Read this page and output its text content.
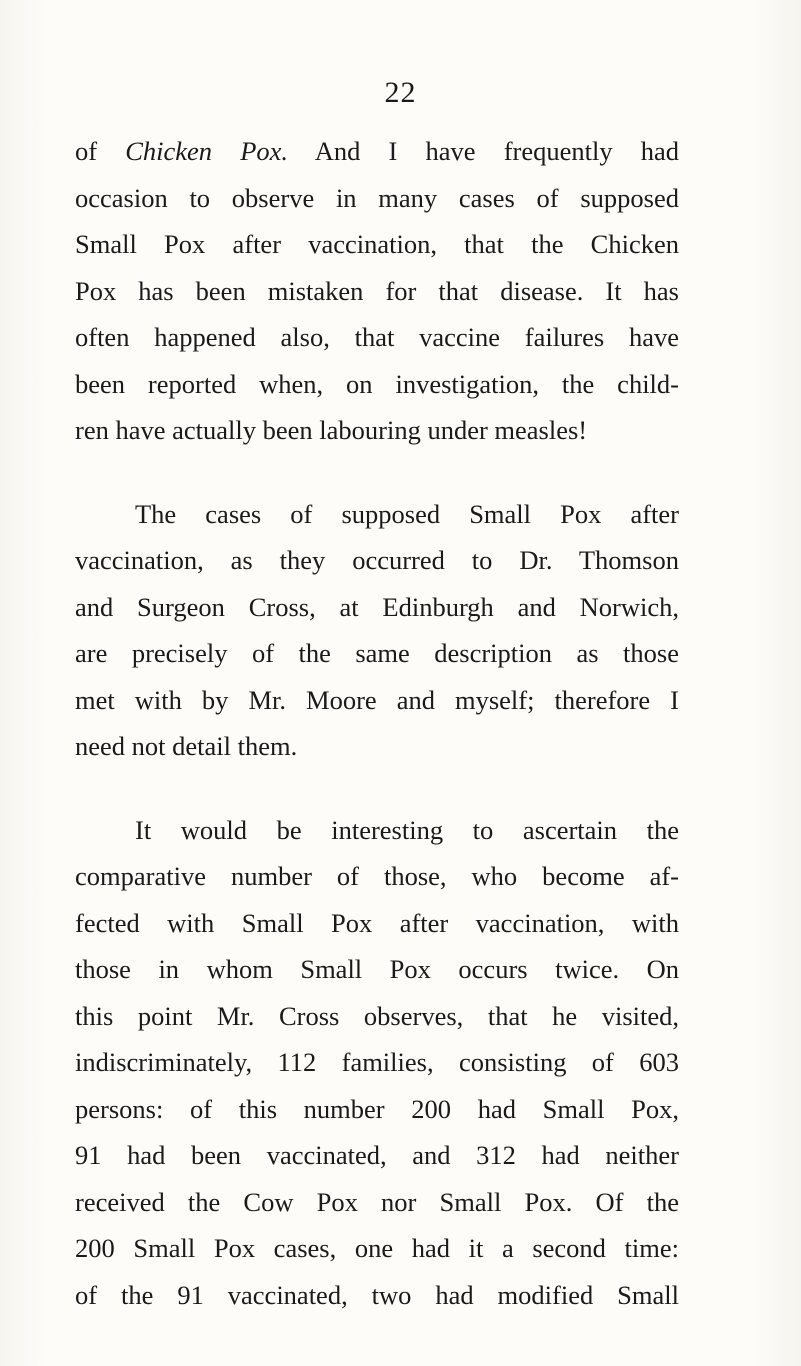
22
of Chicken Pox. And I have frequently had
occasion to observe in many cases of supposed
Small Pox after vaccination, that the Chicken
Pox has been mistaken for that disease. It has
often happened also, that vaccine failures have
been reported when, on investigation, the child-
ren have actually been labouring under measles!
The cases of supposed Small Pox after
vaccination, as they occurred to Dr. Thomson
and Surgeon Cross, at Edinburgh and Norwich,
are precisely of the same description as those
met with by Mr. Moore and myself; therefore I
need not detail them.
It would be interesting to ascertain the
comparative number of those, who become af-
fected with Small Pox after vaccination, with
those in whom Small Pox occurs twice. On
this point Mr. Cross observes, that he visited,
indiscriminately, 112 families, consisting of 603
persons: of this number 200 had Small Pox,
91 had been vaccinated, and 312 had neither
received the Cow Pox nor Small Pox. Of the
200 Small Pox cases, one had it a second time:
of the 91 vaccinated, two had modified Small
